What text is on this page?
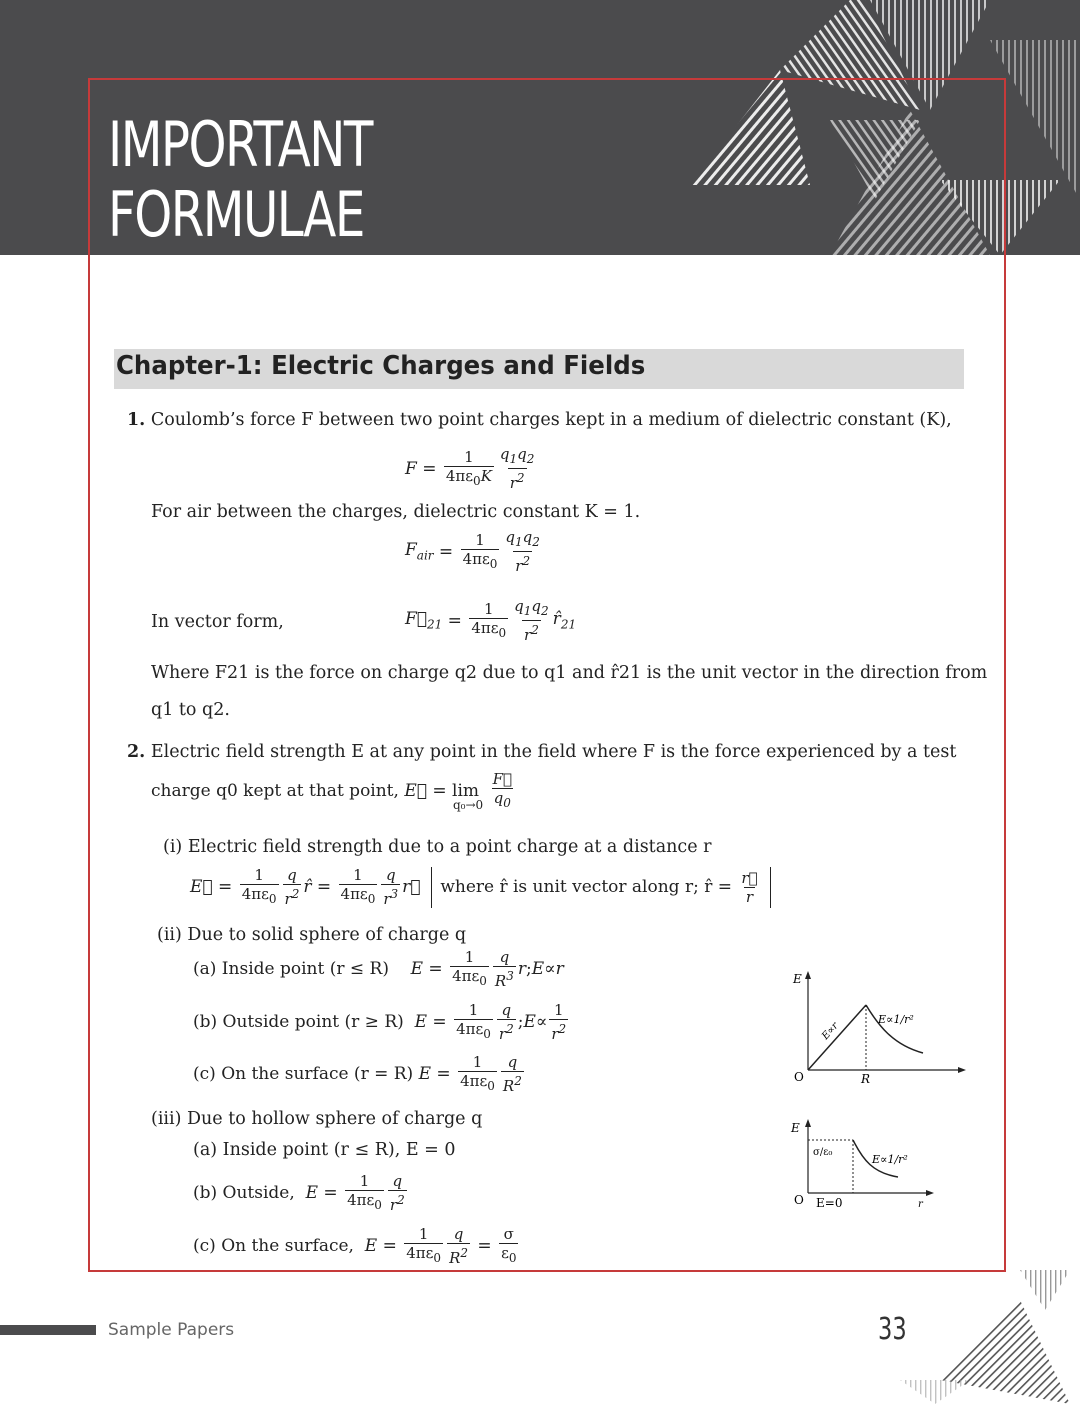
IMPORTANT
FORMULAE
Chapter-1: Electric Charges and Fields
1. Coulomb’s force F between two point charges kept in a medium of dielectric constant (K),
$F = \frac{1}{4\pi\varepsilon_0K} \frac{q_1q_2}{r^2}$
For air between the charges, dielectric constant K = 1.
$F_{air} = \frac{1}{4\pi\varepsilon_0} \frac{q_1q_2}{r^2}$
In vector form,	$F⃗_{21} = \frac{1}{4\pi\varepsilon_0} \frac{q_1q_2}{r^2}$ $r̂_{21}$
Where F21 is the force on charge q2 due to q1 and r̂21 is the unit vector in the direction from
q1 to q2.
2. Electric field strength E at any point in the field where F is the force experienced by a test
charge q0 kept at that point,
E⃗ = lim
$_{q_0\to 0}$
$\frac{F⃗}{q_0}$
(i) Electric field strength due to a point charge at a distance r
E⃗ = $\frac{1}{4\pi\varepsilon_0} \frac{q}{r^2}$ r̂ = $\frac{1}{4\pi\varepsilon_0} \frac{q}{r^3}$ r⃗
	where r̂ is unit vector along r; r̂ = $\frac{r⃗}{r}$
(ii) Due to solid sphere of charge q
(a) Inside point (r ≤ R)
$E = \frac{1}{4\pi\varepsilon_0} \frac{q}{R^3}$ r ; E ∝ r
(b) Outside point (r ≥ R)
$E = \frac{1}{4\pi\varepsilon_0} \frac{q}{r^2}$ ; $E \propto \frac{1}{r^2}$
(c) On the surface (r = R)
$E = \frac{1}{4\pi\varepsilon_0} \frac{q}{R^2}$
(iii) Due to hollow sphere of charge q
(a) Inside point (r ≤ R), E = 0
(b) Outside,
$E = \frac{1}{4\pi\varepsilon_0} \frac{q}{r^2}$
(c) On the surface,
$E = \frac{1}{4\pi\varepsilon_0} \frac{q}{R^2} = \frac{\sigma}{\varepsilon_0}$
E
O	R
E∝r
E∝1/r²
E
O
σ/ε₀
E=0
E∝1/r²
r
Sample Papers	33
